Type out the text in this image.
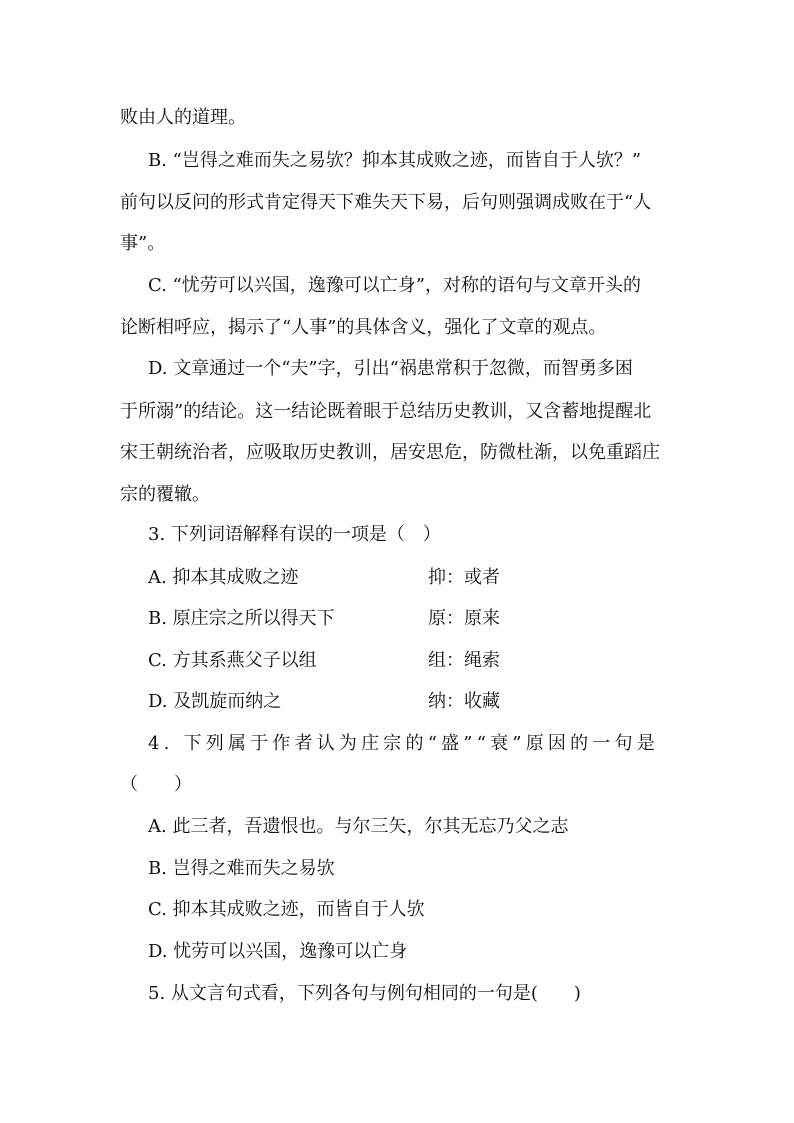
败由人的道理。
B. “岂得之难而失之易欤？抑本其成败之迹，而皆自于人欤？”
前句以反问的形式肯定得天下难失天下易，后句则强调成败在于“人
事”。
C. “忧劳可以兴国，逸豫可以亡身”，对称的语句与文章开头的
论断相呼应，揭示了“人事”的具体含义，强化了文章的观点。
D. 文章通过一个“夫”字，引出“祸患常积于忽微，而智勇多困
于所溺”的结论。这一结论既着眼于总结历史教训，又含蓄地提醒北
宋王朝统治者，应吸取历史教训，居安思危，防微杜渐，以免重蹈庄
宗的覆辙。
3. 下列词语解释有误的一项是（　）
A. 抑本其成败之迹	抑：或者
B. 原庄宗之所以得天下	原：原来
C. 方其系燕父子以组	组：绳索
D. 及凯旋而纳之	纳：收藏
4. 下列属于作者认为庄宗的“盛”“衰”原因的一句是
（　　）
A. 此三者，吾遗恨也。与尔三矢，尔其无忘乃父之志
B. 岂得之难而失之易欤
C. 抑本其成败之迹，而皆自于人欤
D. 忧劳可以兴国，逸豫可以亡身
5. 从文言句式看，下列各句与例句相同的一句是(　　)
